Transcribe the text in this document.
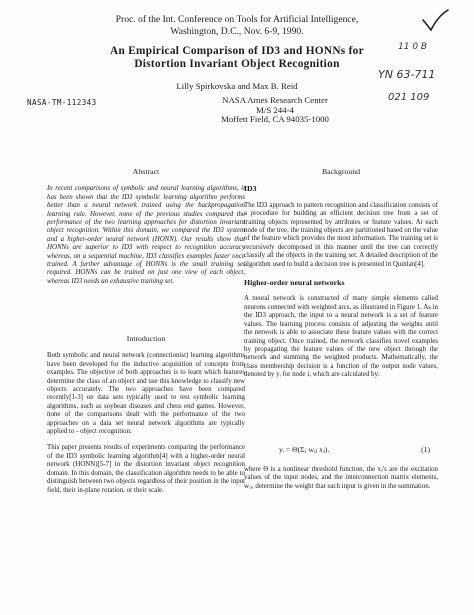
Proc. of the Int. Conference on Tools for Artificial Intelligence,
Washington, D.C., Nov. 6-9, 1990.
An Empirical Comparison of ID3 and HONNs for
Distortion Invariant Object Recognition
Lilly Spirkovska and Max B. Reid
NASA Ames Research Center
M/S 244-4
Moffett Field, CA 94035-1000
NASA-TM-112343
11 0 B
YN 63-711
021 109
Abstract

In recent comparisons of symbolic and neural learning algorithms, it has been shown that the ID3 symbolic learning algorithm performs better than a neural network trained using the backpropagation learning rule. However, none of the previous studies compared the performance of the two learning approaches for distortion invariant object recognition. Within this domain, we compared the ID3 system and a higher-order neural network (HONN). Our results show that HONNs are superior to ID3 with respect to recognition accuracy whereas, on a sequential machine, ID3 classifies examples faster once trained. A further advantage of HONNs is the small training set required. HONNs can be trained on just one view of each object, whereas ID3 needs an exhaustive training set.

Introduction

Both symbolic and neural network (connectionist) learning algorithms have been developed for the inductive acquisition of concepts from examples. The objective of both approaches is to learn which features determine the class of an object and use this knowledge to classify new objects accurately. The two approaches have been compared recently[1-3] on data sets typically used to test symbolic learning algorithms, such as soybean diseases and chess end games. However, none of the comparisons dealt with the performance of the two approaches on a data set neural network algorithms are typically applied to - object recognition.

This paper presents results of experiments comparing the performance of the ID3 symbolic learning algorithm[4] with a higher-order neural network (HONN)[5-7] in the distortion invariant object recognition domain. In this domain, the classification algorithm needs to be able to distinguish between two objects regardless of their position in the input field, their in-plane rotation, or their scale.

Background
ID3

The ID3 approach to pattern recognition and classification consists of a procedure for building an efficient decision tree from a set of training objects represented by attributes or feature values. At each node of the tree, the training objects are partitioned based on the value of the feature which provides the most information. The training set is recursively decomposed in this manner until the tree can correctly classify all the objects in the training set. A detailed description of the algorithm used to build a decision tree is presented in Quinlan[4].

Higher-order neural networks

A neural network is constructed of many simple elements called neurons connected with weighted arcs, as illustrated in Figure 1. As in the ID3 approach, the input to a neural network is a set of feature values. The learning process consists of adjusting the weights until the network is able to associate these feature values with the correct training object. Once trained, the network classifies novel examples by propagating the feature values of the new object through the network and summing the weighted products. Mathematically, the class membership decision is a function of the output node values, denoted by yᵢ for node i, which are calculated by:

yᵢ = Θ(Σⱼ wᵢⱼ xⱼ).	(1)

where Θ is a nonlinear threshold function, the xⱼ's are the excitation values of the input nodes, and the interconnection matrix elements, wᵢⱼ, determine the weight that each input is given in the summation.
